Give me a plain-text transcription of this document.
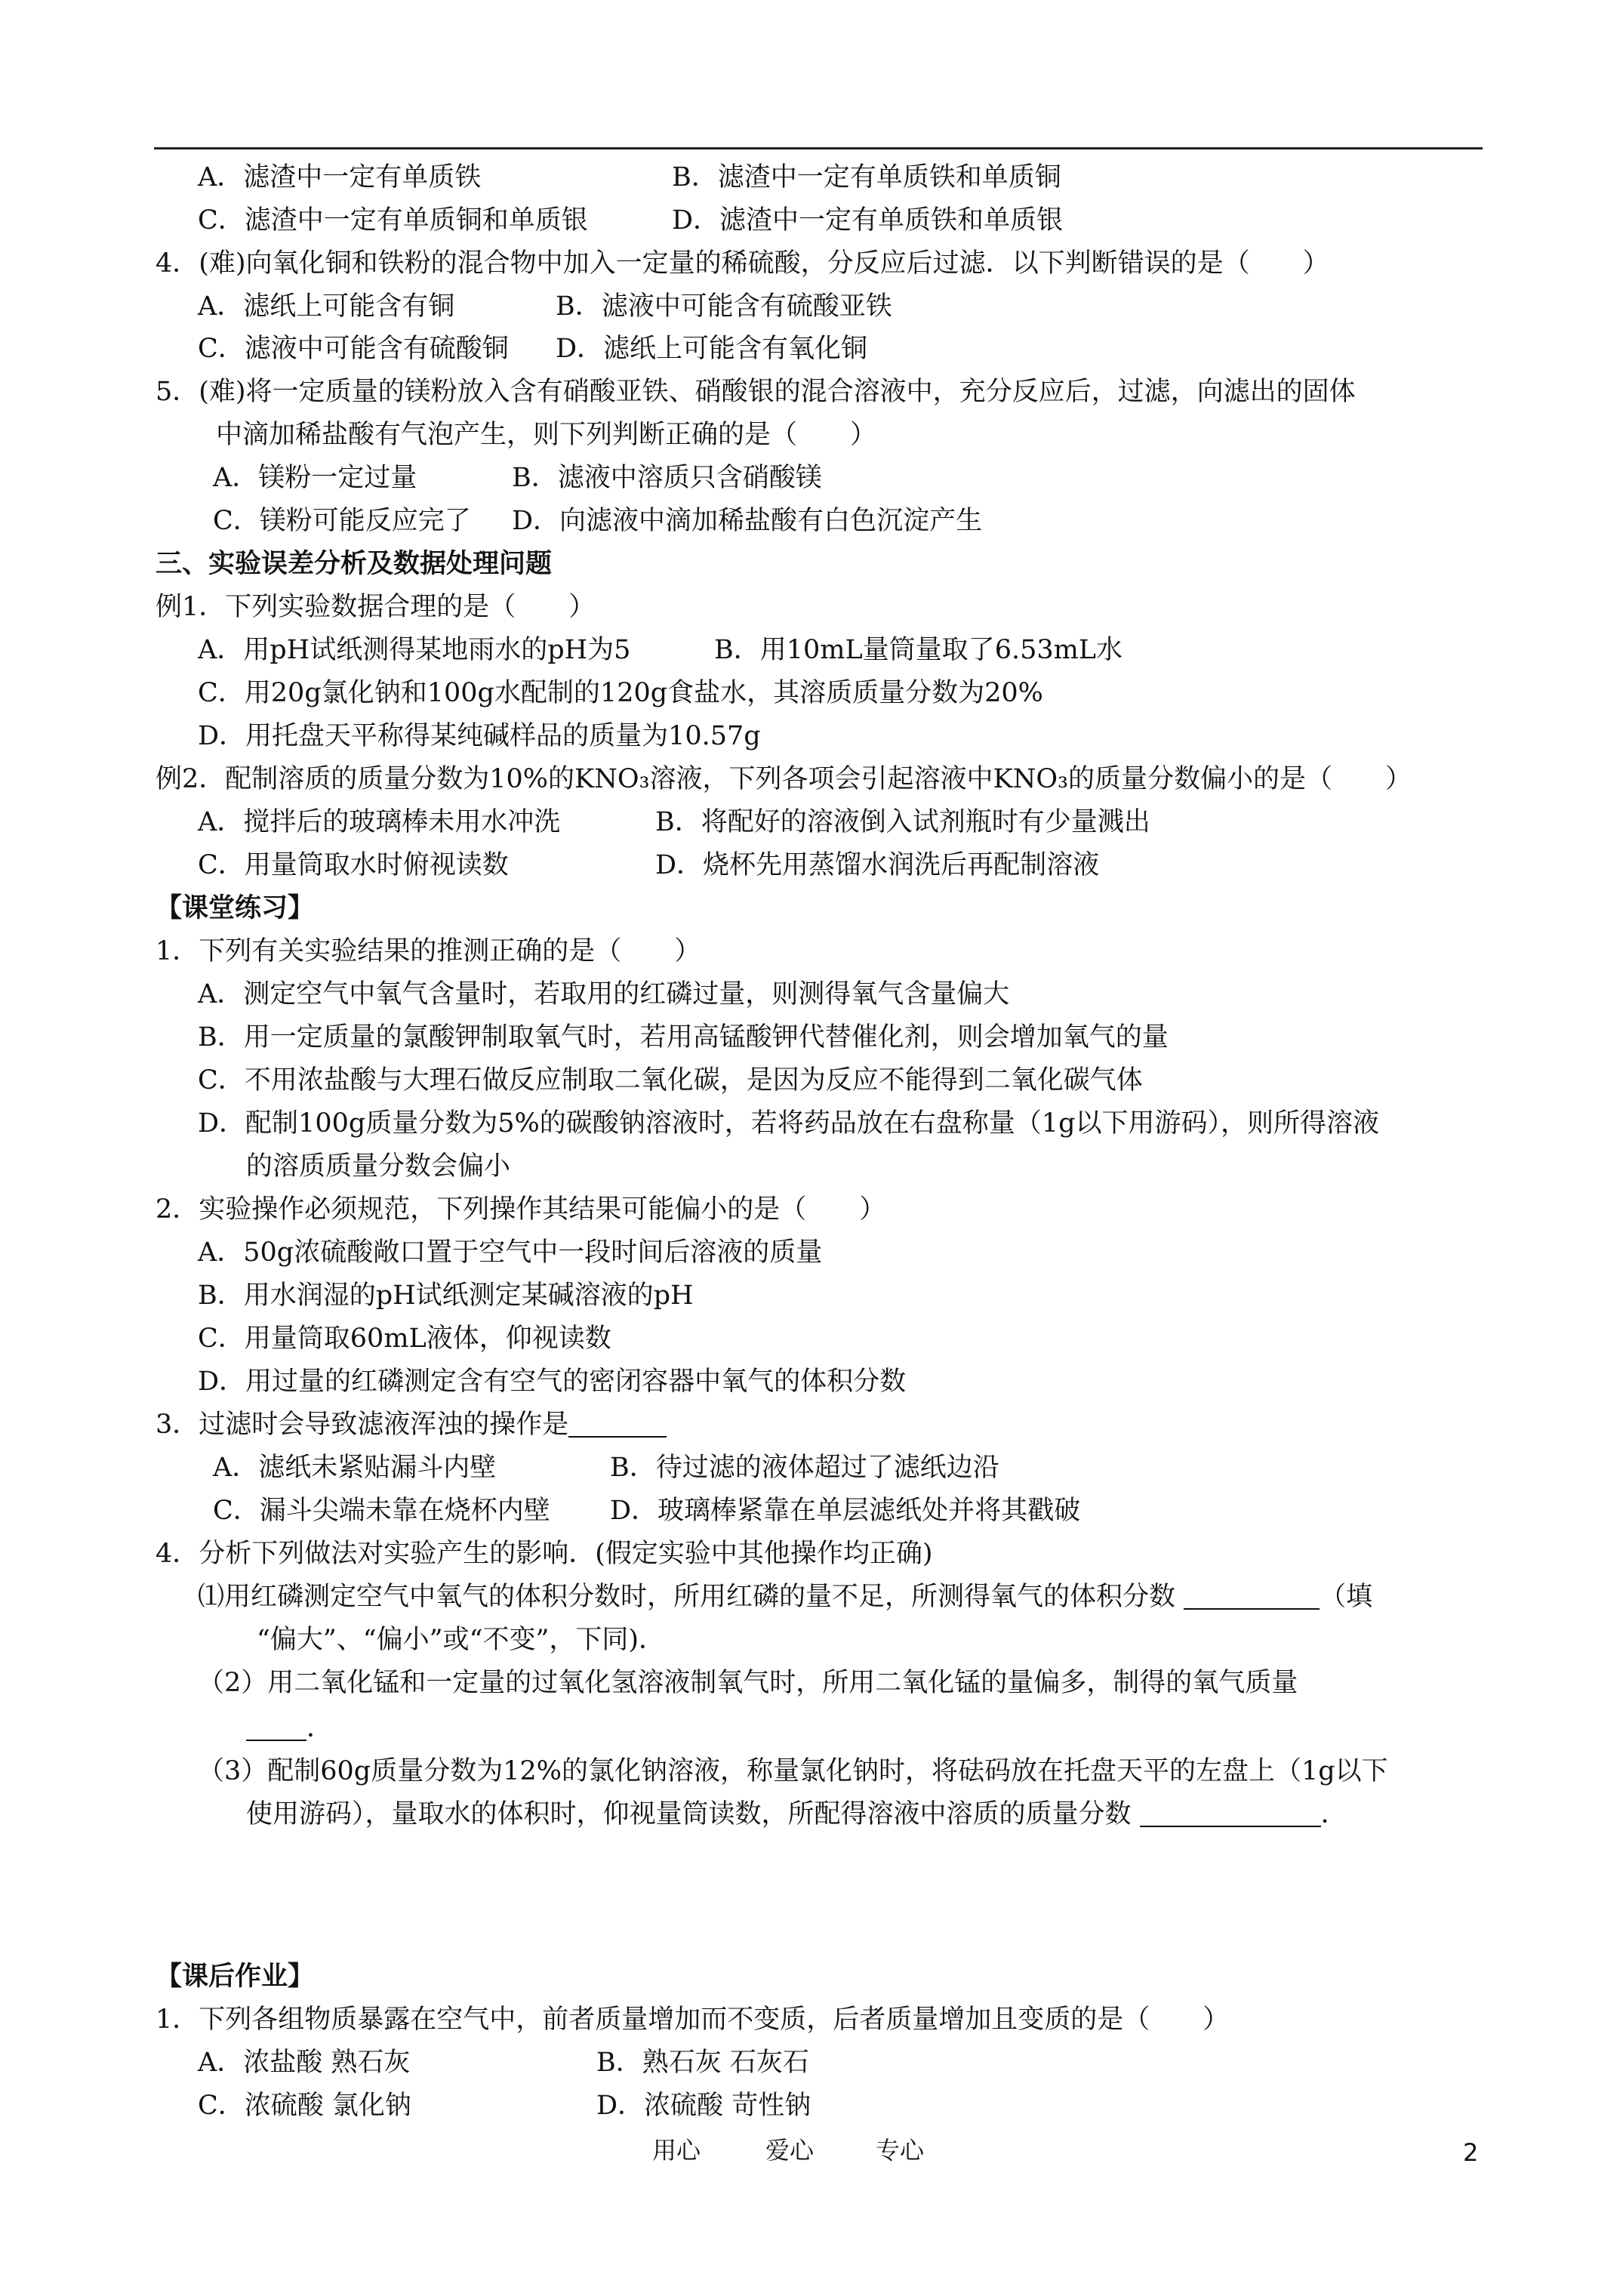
A．滤渣中一定有单质铁	B．滤渣中一定有单质铁和单质铜
C．滤渣中一定有单质铜和单质银	D．滤渣中一定有单质铁和单质银
4．(难)向氧化铜和铁粉的混合物中加入一定量的稀硫酸，分反应后过滤．以下判断错误的是（　　）
A．滤纸上可能含有铜	B．滤液中可能含有硫酸亚铁
C．滤液中可能含有硫酸铜 D．滤纸上可能含有氧化铜
5．(难)将一定质量的镁粉放入含有硝酸亚铁、硝酸银的混合溶液中，充分反应后，过滤，向滤出的固体
中滴加稀盐酸有气泡产生，则下列判断正确的是（　　）
A．镁粉一定过量	B．滤液中溶质只含硝酸镁
C．镁粉可能反应完了 D．向滤液中滴加稀盐酸有白色沉淀产生
三、实验误差分析及数据处理问题
例1．下列实验数据合理的是（　　）
A．用pH试纸测得某地雨水的pH为5	B．用10mL量筒量取了6.53mL水
C．用20g氯化钠和100g水配制的120g食盐水，其溶质质量分数为20%
D．用托盘天平称得某纯碱样品的质量为10.57g
例2．配制溶质的质量分数为10%的KNO₃溶液，下列各项会引起溶液中KNO₃的质量分数偏小的是（　　）
A．搅拌后的玻璃棒未用水冲洗	B．将配好的溶液倒入试剂瓶时有少量溅出
C．用量筒取水时俯视读数	D．烧杯先用蒸馏水润洗后再配制溶液
【课堂练习】
1．下列有关实验结果的推测正确的是（　　）
A．测定空气中氧气含量时，若取用的红磷过量，则测得氧气含量偏大
B．用一定质量的氯酸钾制取氧气时，若用高锰酸钾代替催化剂，则会增加氧气的量
C．不用浓盐酸与大理石做反应制取二氧化碳，是因为反应不能得到二氧化碳气体
D．配制100g质量分数为5%的碳酸钠溶液时，若将药品放在右盘称量（1g以下用游码），则所得溶液
的溶质质量分数会偏小
2．实验操作必须规范，下列操作其结果可能偏小的是（　　）
A．50g浓硫酸敞口置于空气中一段时间后溶液的质量
B．用水润湿的pH试纸测定某碱溶液的pH
C．用量筒取60mL液体，仰视读数
D．用过量的红磷测定含有空气的密闭容器中氧气的体积分数
3．过滤时会导致滤液浑浊的操作是
A．滤纸未紧贴漏斗内壁	B．待过滤的液体超过了滤纸边沿
C．漏斗尖端未靠在烧杯内壁 D．玻璃棒紧靠在单层滤纸处并将其戳破
4．分析下列做法对实验产生的影响．(假定实验中其他操作均正确)
⑴用红磷测定空气中氧气的体积分数时，所用红磷的量不足，所测得氧气的体积分数	（填
“偏大”、“偏小”或“不变”，下同)．
（2）用二氧化锰和一定量的过氧化氢溶液制氧气时，所用二氧化锰的量偏多，制得的氧气质量
．
（3）配制60g质量分数为12%的氯化钠溶液，称量氯化钠时，将砝码放在托盘天平的左盘上（1g以下
使用游码），量取水的体积时，仰视量筒读数，所配得溶液中溶质的质量分数	．
【课后作业】
1．下列各组物质暴露在空气中，前者质量增加而不变质，后者质量增加且变质的是（　　）
A．浓盐酸 熟石灰	B．熟石灰 石灰石
C．浓硫酸 氯化钠	D．浓硫酸 苛性钠
用心	爱心	专心	2
